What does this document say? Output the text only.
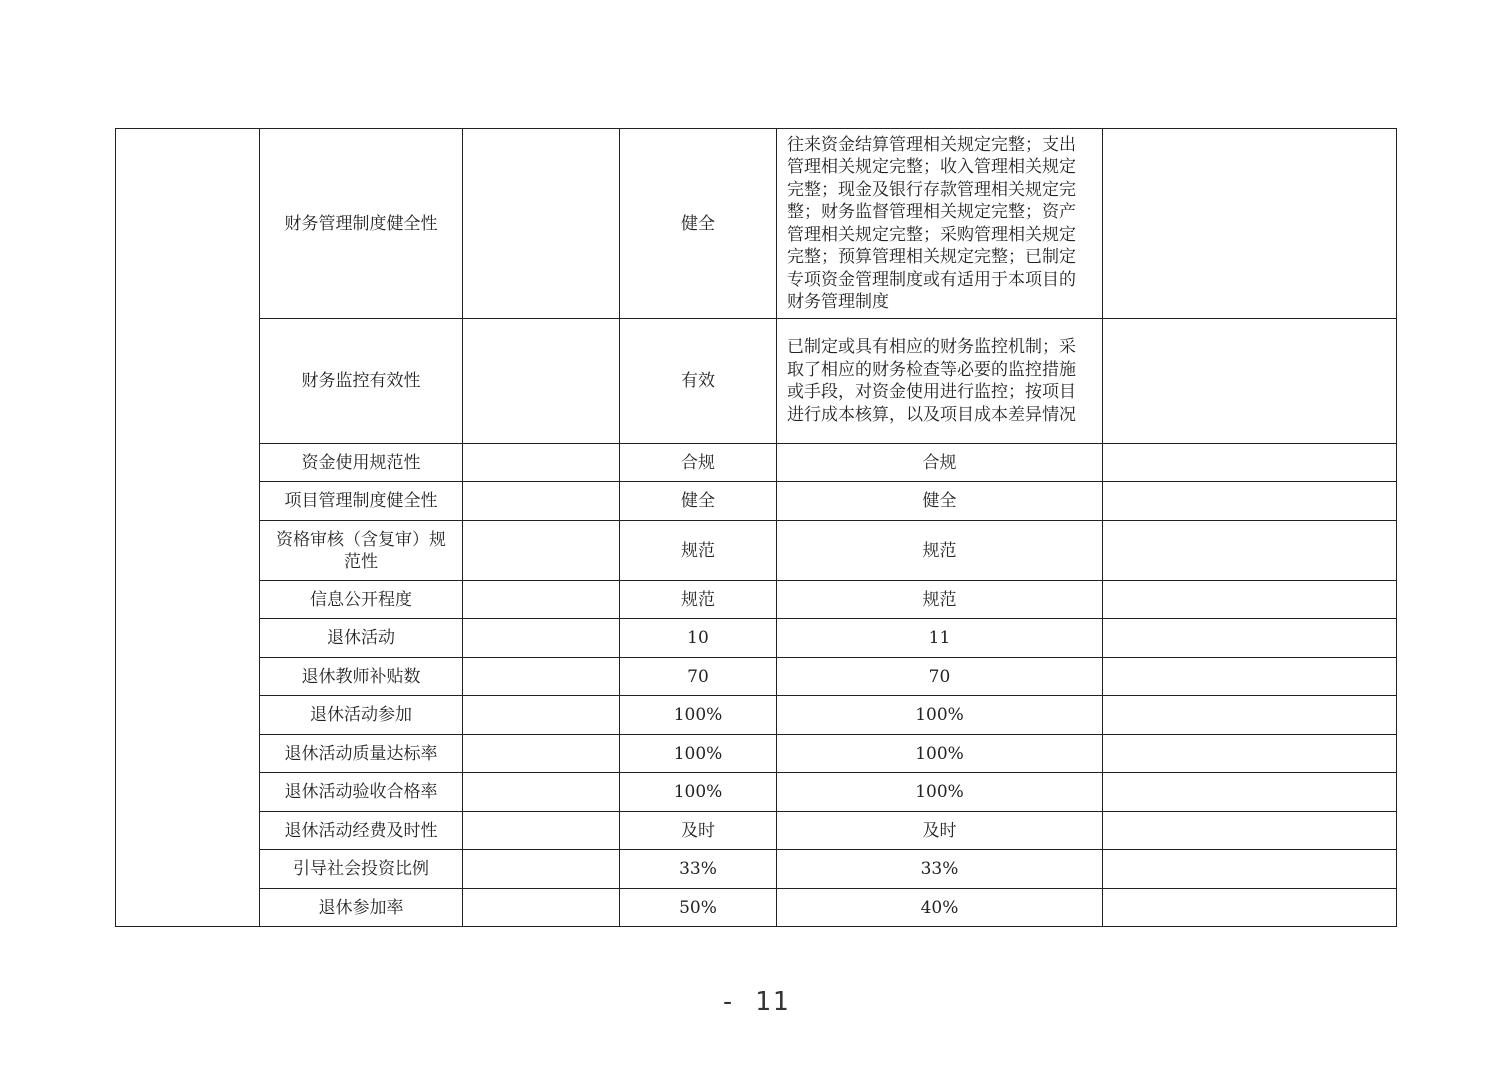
	财务管理制度健全性		健全	往来资金结算管理相关规定完整；支出管理相关规定完整；收入管理相关规定完整；现金及银行存款管理相关规定完整；财务监督管理相关规定完整；资产管理相关规定完整；采购管理相关规定完整；预算管理相关规定完整；已制定专项资金管理制度或有适用于本项目的财务管理制度	
	财务监控有效性		有效	已制定或具有相应的财务监控机制；采取了相应的财务检查等必要的监控措施或手段，对资金使用进行监控；按项目进行成本核算，以及项目成本差异情况	
	资金使用规范性		合规	合规	
	项目管理制度健全性		健全	健全	
	资格审核（含复审）规范性		规范	规范	
	信息公开程度		规范	规范	
	退休活动		10	11	
	退休教师补贴数		70	70	
	退休活动参加		100%	100%	
	退休活动质量达标率		100%	100%	
	退休活动验收合格率		100%	100%	
	退休活动经费及时性		及时	及时	
	引导社会投资比例		33%	33%	
	退休参加率		50%	40%	
- 11
